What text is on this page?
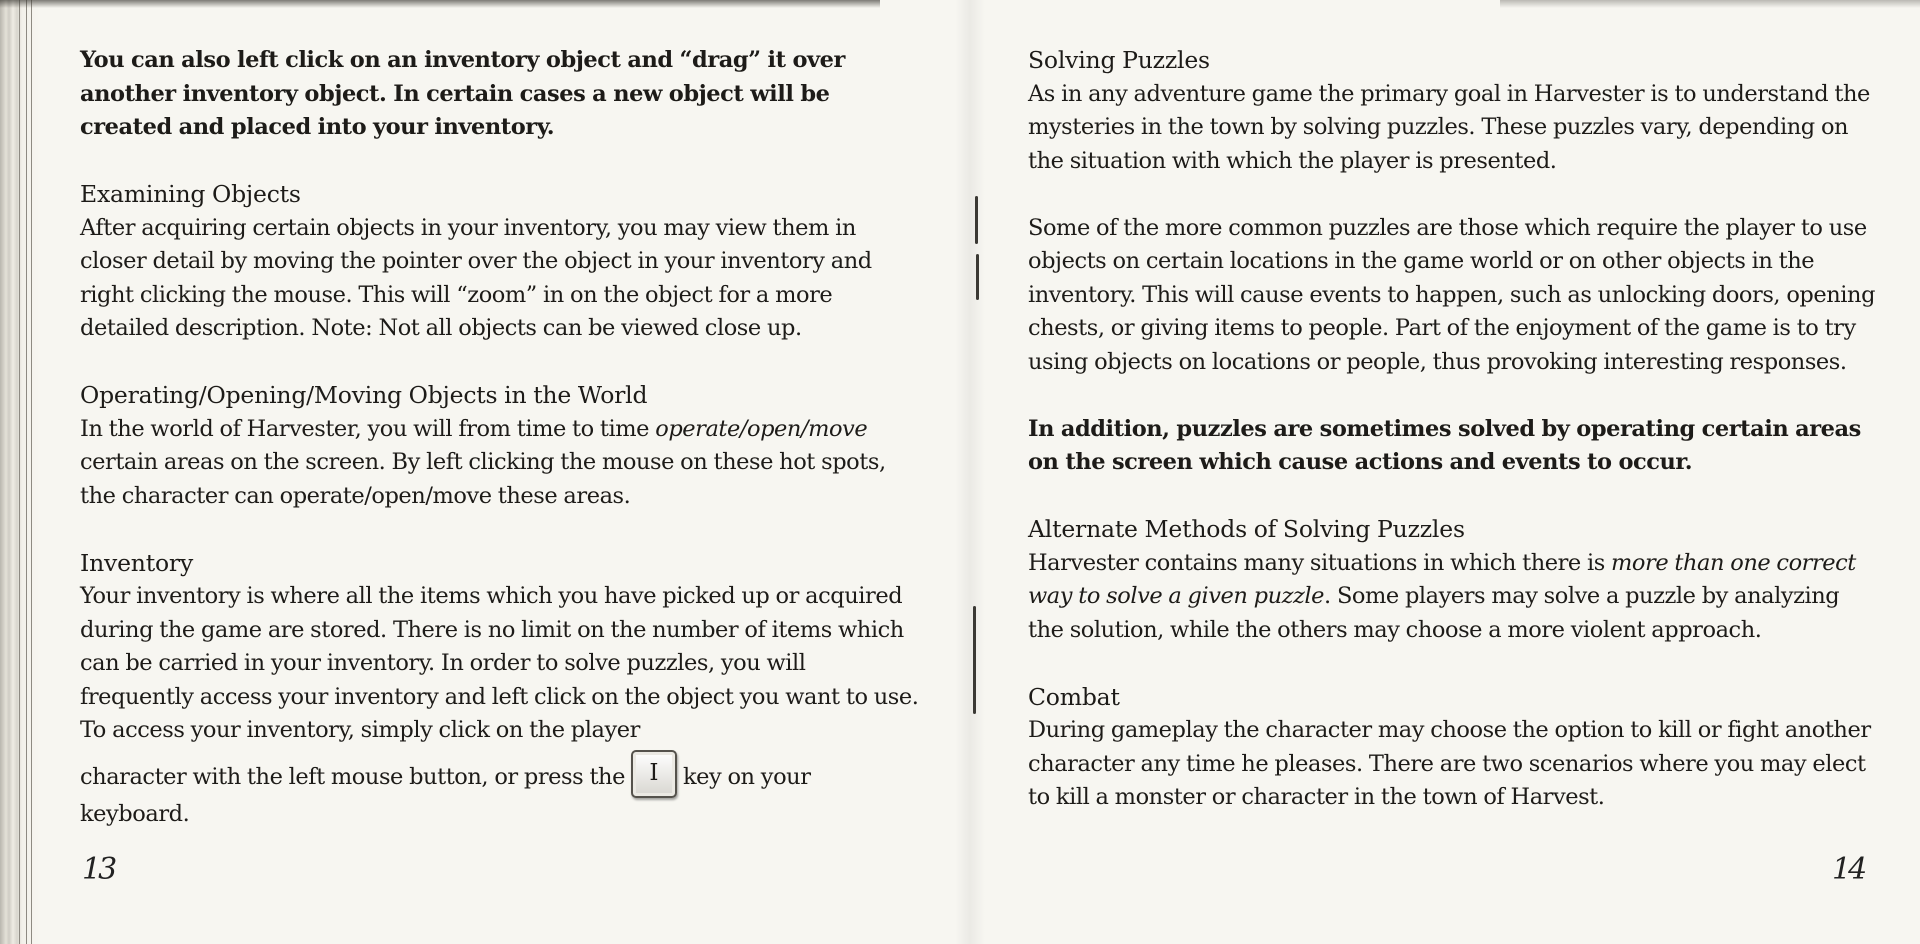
You can also left click on an inventory object and “drag” it over another inventory object. In certain cases a new object will be created and placed into your inventory.

Examining Objects
After acquiring certain objects in your inventory, you may view them in closer detail by moving the pointer over the object in your inventory and right clicking the mouse. This will “zoom” in on the object for a more detailed description. Note: Not all objects can be viewed close up.
Operating/Opening/Moving Objects in the World
In the world of Harvester, you will from time to time operate/open/move certain areas on the screen. By left clicking the mouse on these hot spots, the character can operate/open/move these areas.
Inventory
Your inventory is where all the items which you have picked up or acquired during the game are stored. There is no limit on the number of items which can be carried in your inventory. In order to solve puzzles, you will frequently access your inventory and left click on the object you want to use. To access your inventory, simply click on the player
character with the left mouse button, or press the I key on your keyboard.
Solving Puzzles
As in any adventure game the primary goal in Harvester is to understand the mysteries in the town by solving puzzles. These puzzles vary, depending on the situation with which the player is presented.

Some of the more common puzzles are those which require the player to use objects on certain locations in the game world or on other objects in the inventory. This will cause events to happen, such as unlocking doors, opening chests, or giving items to people. Part of the enjoyment of the game is to try using objects on locations or people, thus provoking interesting responses.

In addition, puzzles are sometimes solved by operating certain areas on the screen which cause actions and events to occur.

Alternate Methods of Solving Puzzles
Harvester contains many situations in which there is more than one correct way to solve a given puzzle. Some players may solve a puzzle by analyzing the solution, while the others may choose a more violent approach.
Combat
During gameplay the character may choose the option to kill or fight another character any time he pleases. There are two scenarios where you may elect to kill a monster or character in the town of Harvest.
13	14
